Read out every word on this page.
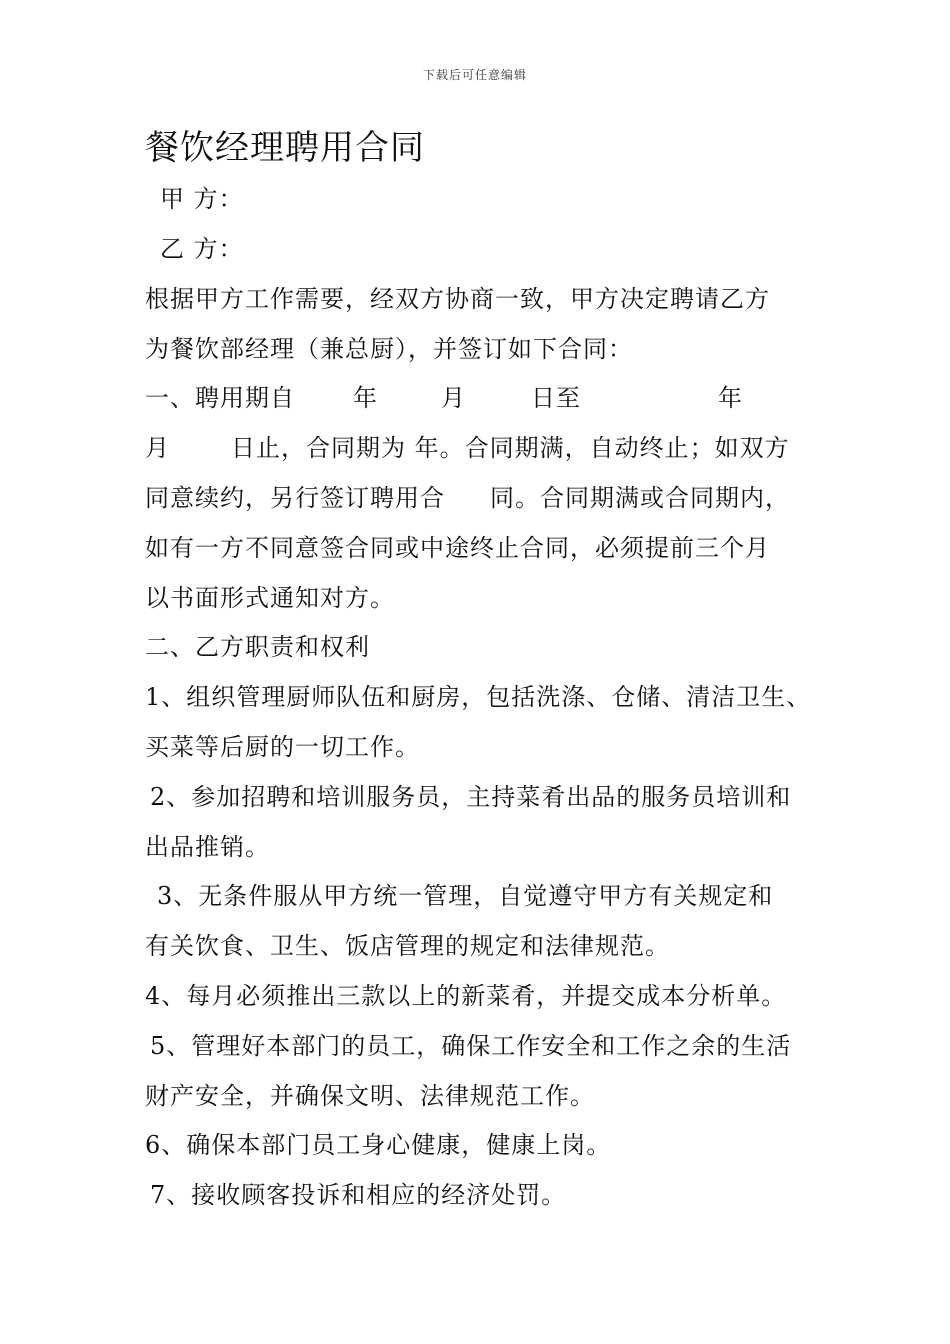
下载后可任意编辑
餐饮经理聘用合同
甲 方：
乙 方：
根据甲方工作需要，经双方协商一致，甲方决定聘请乙方
为餐饮部经理（兼总厨），并签订如下合同：
一、聘用期自 年	月	日至	年
月	日止，合同期为 年。合同期满，自动终止；如双方
同意续约，另行签订聘用合 同。合同期满或合同期内，
如有一方不同意签合同或中途终止合同，必须提前三个月
以书面形式通知对方。
二、乙方职责和权利
1、组织管理厨师队伍和厨房，包括洗涤、仓储、清洁卫生、
买菜等后厨的一切工作。
2、参加招聘和培训服务员，主持菜肴出品的服务员培训和
出品推销。
3、无条件服从甲方统一管理，自觉遵守甲方有关规定和
有关饮食、卫生、饭店管理的规定和法律规范。
4、每月必须推出三款以上的新菜肴，并提交成本分析单。
5、管理好本部门的员工，确保工作安全和工作之余的生活
财产安全，并确保文明、法律规范工作。
6、确保本部门员工身心健康，健康上岗。
7、接收顾客投诉和相应的经济处罚。
